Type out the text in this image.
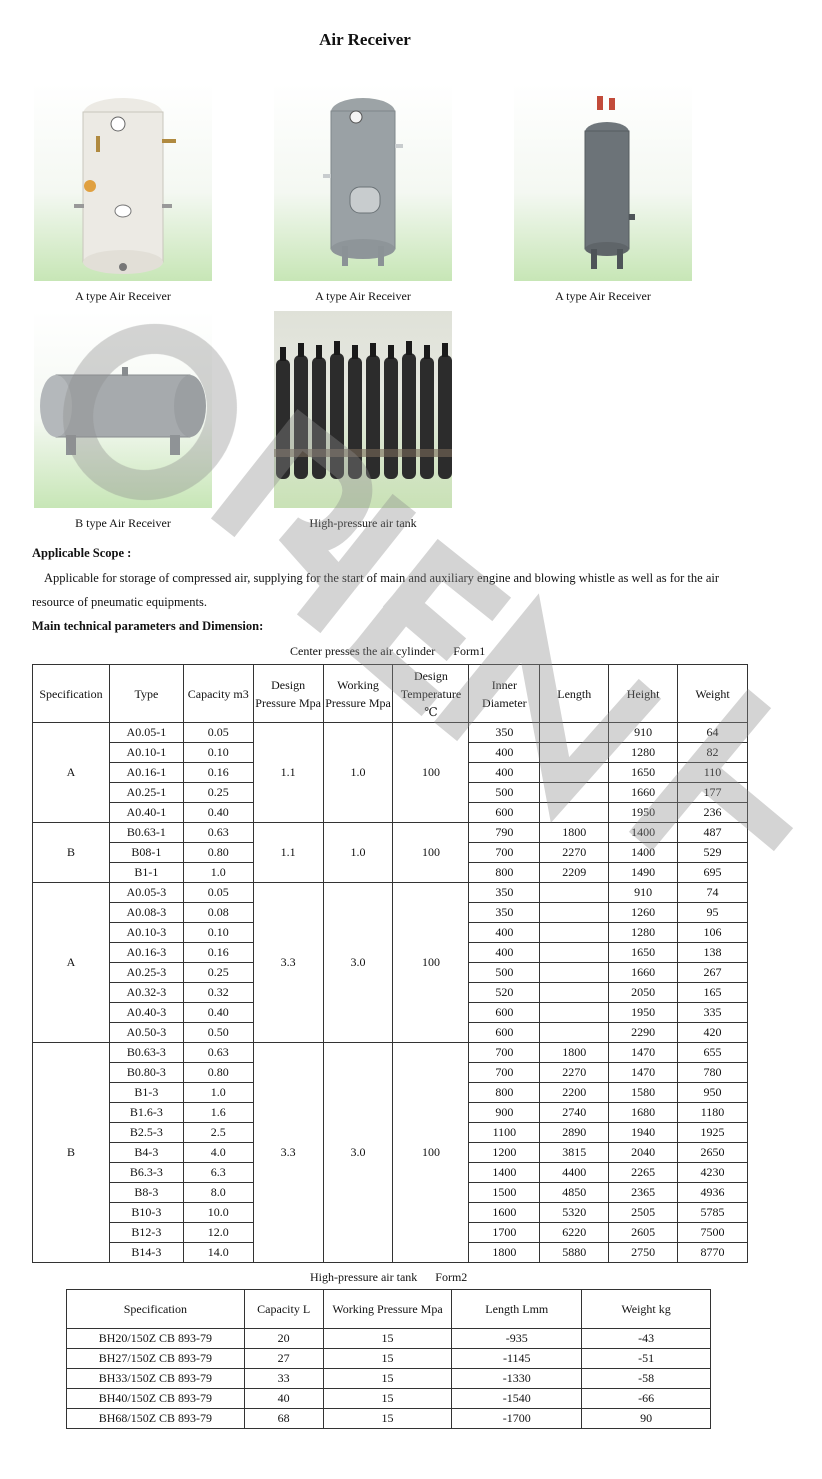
Air Receiver
A type Air Receiver	A type Air Receiver	A type Air Receiver
B type Air Receiver	High-pressure air tank
Applicable Scope :
Applicable for storage of compressed air, supplying for the start of main and auxiliary engine and blowing whistle as well as for the air resource of pneumatic equipments.
Main technical parameters and Dimension:
Center presses the air cylinder      Form1
Specification	Type	Capacity m3	Design Pressure Mpa	Working Pressure Mpa	Design Temperature ℃	Inner Diameter	Length	Height	Weight
A	A0.05-1	0.05	1.1	1.0	100	350		910	64
	A0.10-1	0.10				400		1280	82
	A0.16-1	0.16				400		1650	110
	A0.25-1	0.25				500		1660	177
	A0.40-1	0.40				600		1950	236
B	B0.63-1	0.63	1.1	1.0	100	790	1800	1400	487
	B08-1	0.80				700	2270	1400	529
	B1-1	1.0				800	2209	1490	695
A	A0.05-3	0.05	3.3	3.0	100	350		910	74
	A0.08-3	0.08				350		1260	95
	A0.10-3	0.10				400		1280	106
	A0.16-3	0.16				400		1650	138
	A0.25-3	0.25				500		1660	267
	A0.32-3	0.32				520		2050	165
	A0.40-3	0.40				600		1950	335
	A0.50-3	0.50				600		2290	420
B	B0.63-3	0.63	3.3	3.0	100	700	1800	1470	655
	B0.80-3	0.80				700	2270	1470	780
	B1-3	1.0				800	2200	1580	950
	B1.6-3	1.6				900	2740	1680	1180
	B2.5-3	2.5				1100	2890	1940	1925
	B4-3	4.0				1200	3815	2040	2650
	B6.3-3	6.3				1400	4400	2265	4230
	B8-3	8.0				1500	4850	2365	4936
	B10-3	10.0				1600	5320	2505	5785
	B12-3	12.0				1700	6220	2605	7500
	B14-3	14.0				1800	5880	2750	8770
High-pressure air tank      Form2
Specification	Capacity L	Working Pressure Mpa	Length Lmm	Weight kg
BH20/150Z CB 893-79	20	15	-935	-43
BH27/150Z CB 893-79	27	15	-1145	-51
BH33/150Z CB 893-79	33	15	-1330	-58
BH40/150Z CB 893-79	40	15	-1540	-66
BH68/150Z CB 893-79	68	15	-1700	90
